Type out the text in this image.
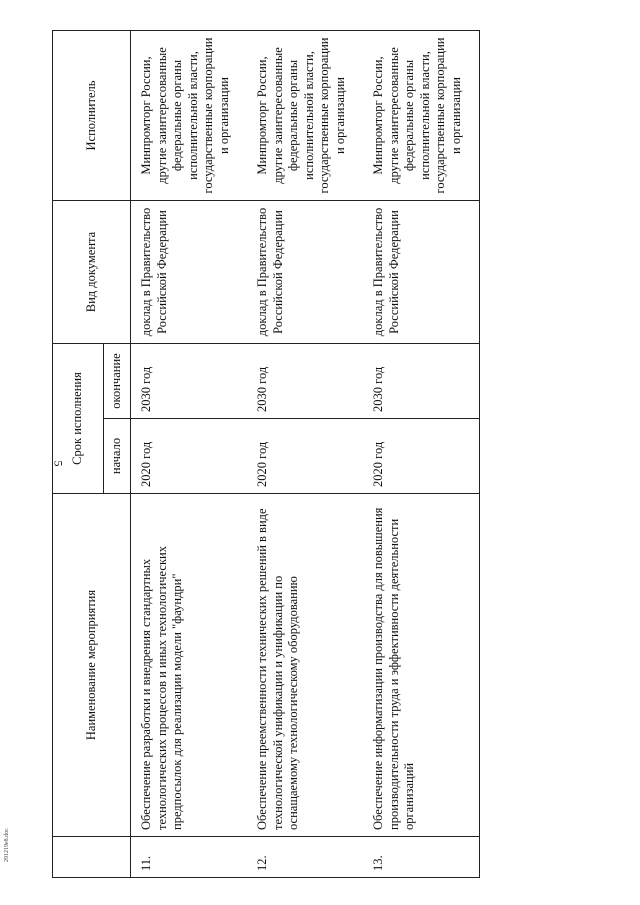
5
291219e8.doc
	Наименование мероприятия	Срок исполнения		Вид документа	Исполнитель
		начало	окончание		
11.	Обеспечение разработки и внедрения стандартных технологических процессов и иных технологических предпосылок для реализации модели "фаундри"	2020 год	2030 год	доклад в Правительство Российской Федерации	Минпромторг России, другие заинтересованные федеральные органы исполнительной власти, государственные корпорации и организации
12.	Обеспечение преемственности технических решений в виде технологической унификации и унификации по оснащаемому технологическому оборудованию	2020 год	2030 год	доклад в Правительство Российской Федерации	Минпромторг России, другие заинтересованные федеральные органы исполнительной власти, государственные корпорации и организации
13.	Обеспечение информатизации производства для повышения производительности труда и эффективности деятельности организаций	2020 год	2030 год	доклад в Правительство Российской Федерации	Минпромторг России, другие заинтересованные федеральные органы исполнительной власти, государственные корпорации и организации
